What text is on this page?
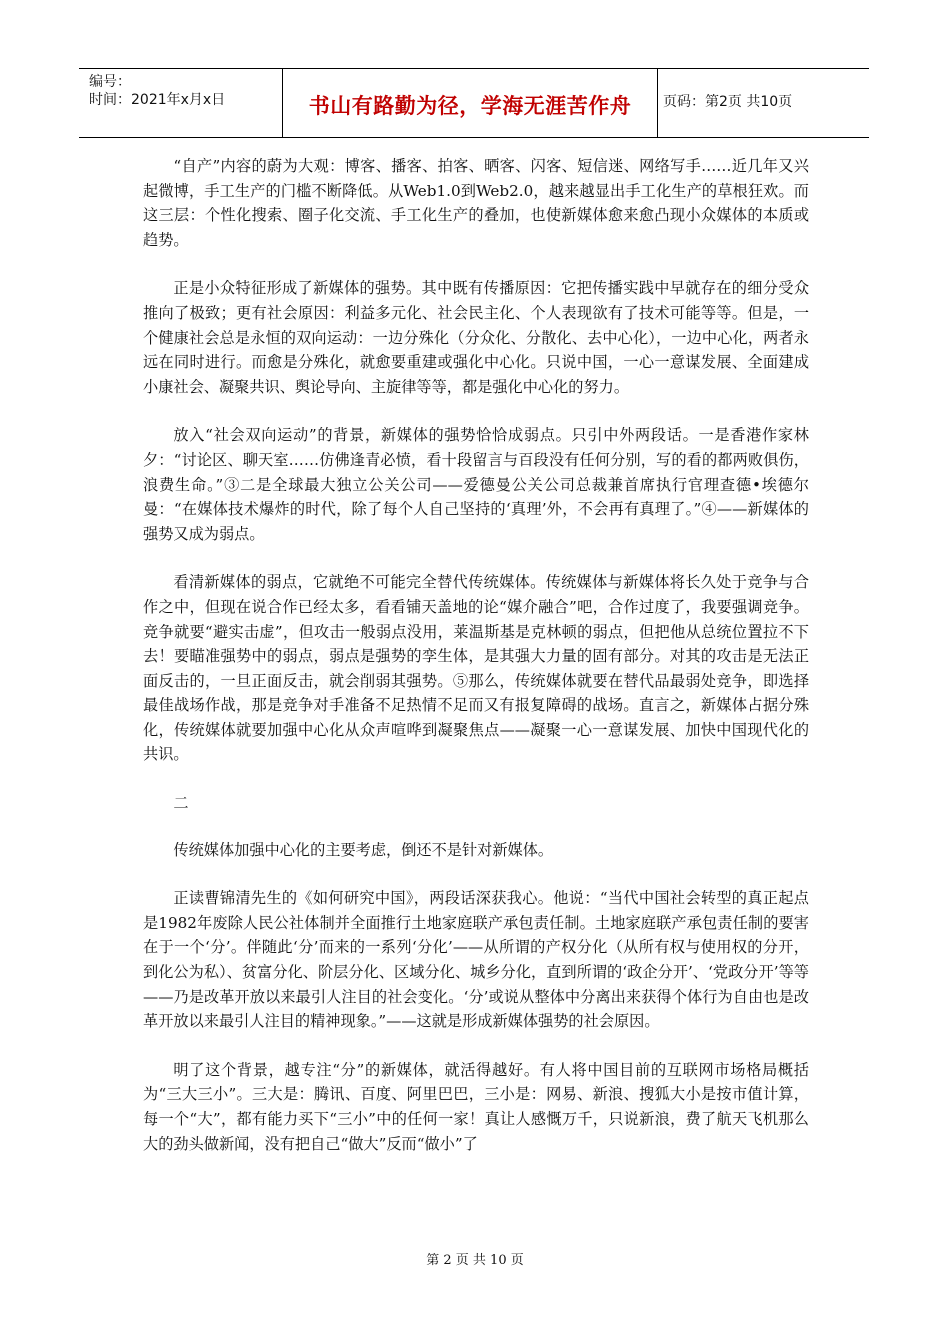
编号：
时间：2021年x月x日	书山有路勤为径，学海无涯苦作舟	页码：第2页 共10页

“自产”内容的蔚为大观：博客、播客、拍客、晒客、闪客、短信迷、网络写手……近几年又兴起微博，手工生产的门槛不断降低。从Web1.0到Web2.0，越来越显出手工化生产的草根狂欢。而这三层：个性化搜索、圈子化交流、手工化生产的叠加，也使新媒体愈来愈凸现小众媒体的本质或趋势。

正是小众特征形成了新媒体的强势。其中既有传播原因：它把传播实践中早就存在的细分受众推向了极致；更有社会原因：利益多元化、社会民主化、个人表现欲有了技术可能等等。但是，一个健康社会总是永恒的双向运动：一边分殊化（分众化、分散化、去中心化），一边中心化，两者永远在同时进行。而愈是分殊化，就愈要重建或强化中心化。只说中国，一心一意谋发展、全面建成小康社会、凝聚共识、舆论导向、主旋律等等，都是强化中心化的努力。

放入“社会双向运动”的背景，新媒体的强势恰恰成弱点。只引中外两段话。一是香港作家林夕：“讨论区、聊天室……仿佛逢青必愤，看十段留言与百段没有任何分别，写的看的都两败俱伤，浪费生命。”③二是全球最大独立公关公司——爱德曼公关公司总裁兼首席执行官理查德•埃德尔曼：“在媒体技术爆炸的时代，除了每个人自己坚持的‘真理’外，不会再有真理了。”④——新媒体的强势又成为弱点。

看清新媒体的弱点，它就绝不可能完全替代传统媒体。传统媒体与新媒体将长久处于竞争与合作之中，但现在说合作已经太多，看看铺天盖地的论“媒介融合”吧，合作过度了，我要强调竞争。竞争就要“避实击虚”，但攻击一般弱点没用，莱温斯基是克林顿的弱点，但把他从总统位置拉不下去！要瞄准强势中的弱点，弱点是强势的孪生体，是其强大力量的固有部分。对其的攻击是无法正面反击的，一旦正面反击，就会削弱其强势。⑤那么，传统媒体就要在替代品最弱处竞争，即选择最佳战场作战，那是竞争对手准备不足热情不足而又有报复障碍的战场。直言之，新媒体占据分殊化，传统媒体就要加强中心化从众声喧哗到凝聚焦点——凝聚一心一意谋发展、加快中国现代化的共识。

二

传统媒体加强中心化的主要考虑，倒还不是针对新媒体。

正读曹锦清先生的《如何研究中国》，两段话深获我心。他说：“当代中国社会转型的真正起点是1982年废除人民公社体制并全面推行土地家庭联产承包责任制。土地家庭联产承包责任制的要害在于一个‘分’。伴随此‘分’而来的一系列‘分化’——从所谓的产权分化（从所有权与使用权的分开，到化公为私）、贫富分化、阶层分化、区域分化、城乡分化，直到所谓的‘政企分开’、‘党政分开’等等——乃是改革开放以来最引人注目的社会变化。‘分’或说从整体中分离出来获得个体行为自由也是改革开放以来最引人注目的精神现象。”——这就是形成新媒体强势的社会原因。

明了这个背景，越专注“分”的新媒体，就活得越好。有人将中国目前的互联网市场格局概括为“三大三小”。三大是：腾讯、百度、阿里巴巴，三小是：网易、新浪、搜狐大小是按市值计算，每一个“大”，都有能力买下“三小”中的任何一家！真让人感慨万千，只说新浪，费了航天飞机那么大的劲头做新闻，没有把自己“做大”反而“做小”了

第 2 页 共 10 页
